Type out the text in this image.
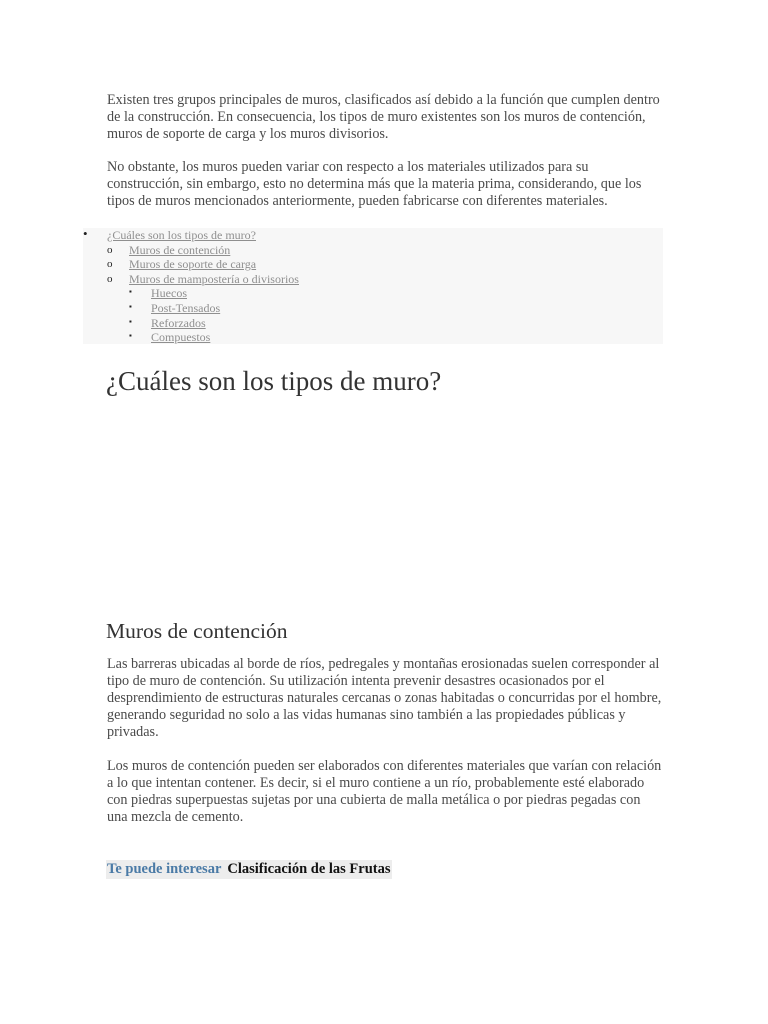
Existen tres grupos principales de muros, clasificados así debido a la función que cumplen dentro de la construcción. En consecuencia, los tipos de muro existentes son los muros de contención, muros de soporte de carga y los muros divisorios.

No obstante, los muros pueden variar con respecto a los materiales utilizados para su construcción, sin embargo, esto no determina más que la materia prima, considerando, que los tipos de muros mencionados anteriormente, pueden fabricarse con diferentes materiales.

• ¿Cuáles son los tipos de muro?
o Muros de contención
o Muros de soporte de carga
o Muros de mampostería o divisorios
▪ Huecos
▪ Post-Tensados
▪ Reforzados
▪ Compuestos
¿Cuáles son los tipos de muro?
Muros de contención

Las barreras ubicadas al borde de ríos, pedregales y montañas erosionadas suelen corresponder al tipo de muro de contención. Su utilización intenta prevenir desastres ocasionados por el desprendimiento de estructuras naturales cercanas o zonas habitadas o concurridas por el hombre, generando seguridad no solo a las vidas humanas sino también a las propiedades públicas y privadas.

Los muros de contención pueden ser elaborados con diferentes materiales que varían con relación a lo que intentan contener. Es decir, si el muro contiene a un río, probablemente esté elaborado con piedras superpuestas sujetas por una cubierta de malla metálica o por piedras pegadas con una mezcla de cemento.

Te puede interesar Clasificación de las Frutas
